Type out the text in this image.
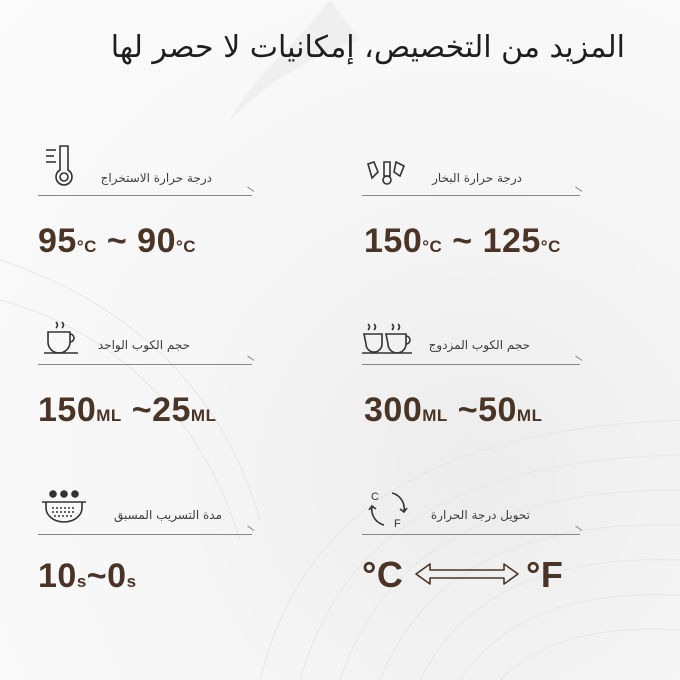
المزيد من التخصيص، إمكانيات لا حصر لها
درجة حرارة البخار
150°C ~ 125°C
درجة حرارة الاستخراج
95°C ~ 90°C
حجم الكوب المزدوج
300ML ~50ML
حجم الكوب الواحد
150ML ~25ML
C
F
تحويل درجة الحرارة
°C	°F
مدة التسريب المسبق
10s~0s
